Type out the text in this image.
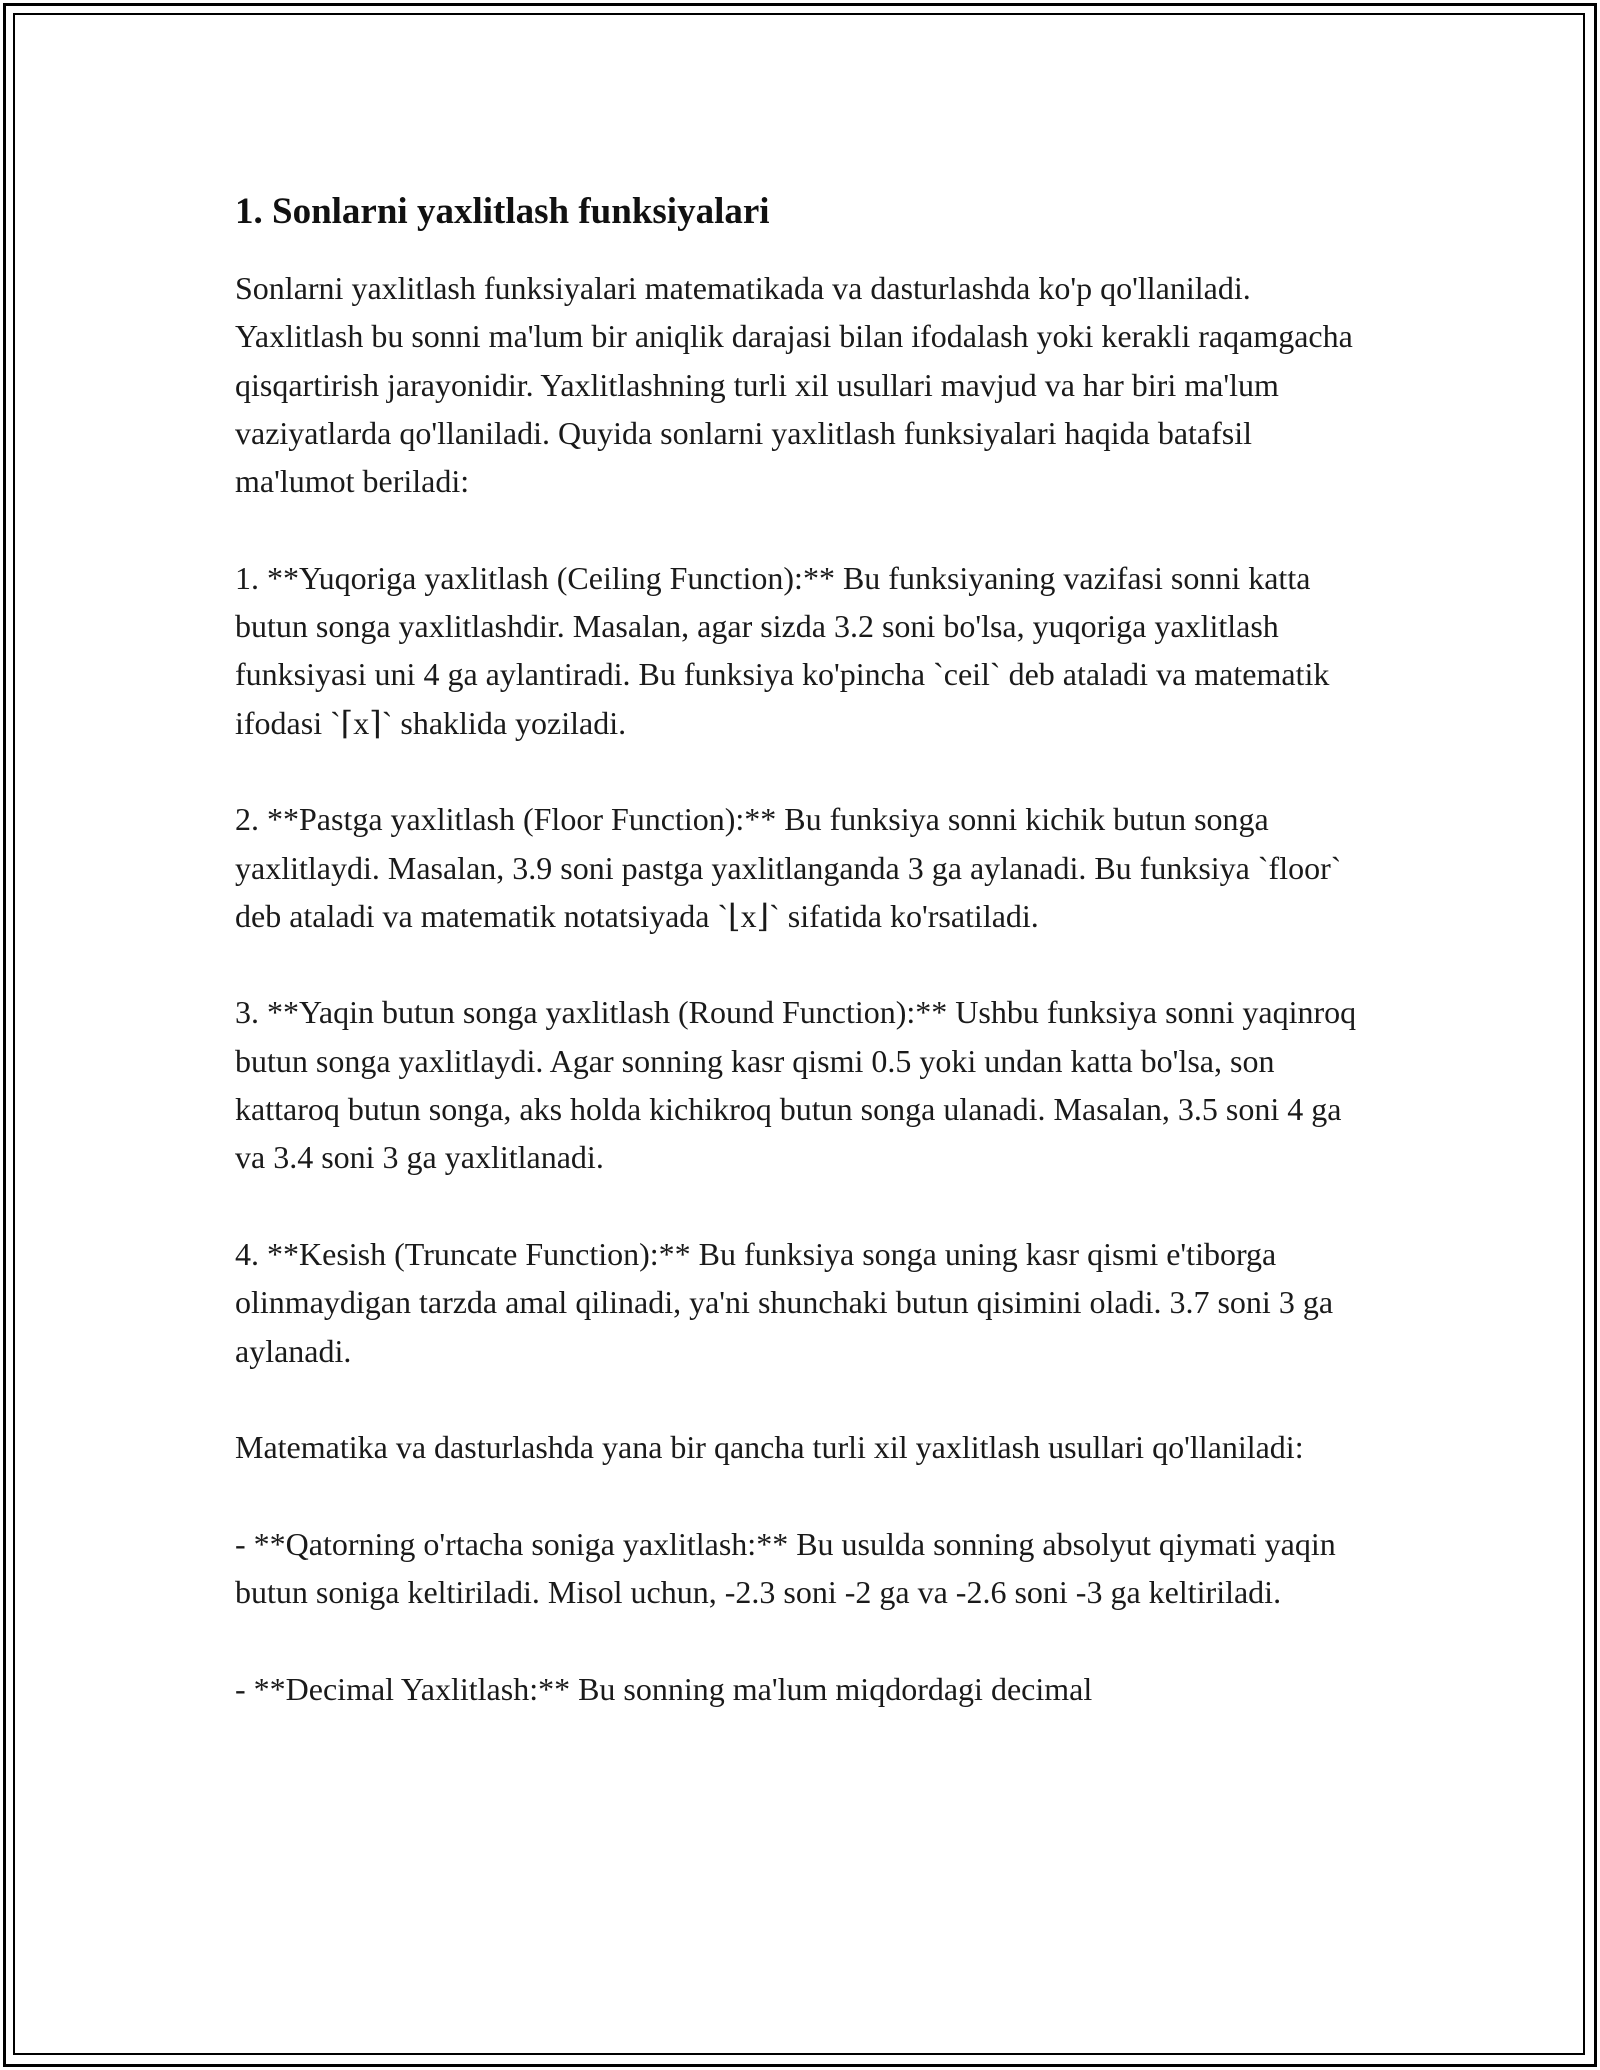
1. Sonlarni yaxlitlash funksiyalari

Sonlarni yaxlitlash funksiyalari matematikada va dasturlashda ko'p qo'llaniladi. Yaxlitlash bu sonni ma'lum bir aniqlik darajasi bilan ifodalash yoki kerakli raqamgacha qisqartirish jarayonidir. Yaxlitlashning turli xil usullari mavjud va har biri ma'lum vaziyatlarda qo'llaniladi. Quyida sonlarni yaxlitlash funksiyalari haqida batafsil ma'lumot beriladi:

1. **Yuqoriga yaxlitlash (Ceiling Function):** Bu funksiyaning vazifasi sonni katta butun songa yaxlitlashdir. Masalan, agar sizda 3.2 soni bo'lsa, yuqoriga yaxlitlash funksiyasi uni 4 ga aylantiradi. Bu funksiya ko'pincha `ceil` deb ataladi va matematik ifodasi `⌈x⌉` shaklida yoziladi.

2. **Pastga yaxlitlash (Floor Function):** Bu funksiya sonni kichik butun songa yaxlitlaydi. Masalan, 3.9 soni pastga yaxlitlanganda 3 ga aylanadi. Bu funksiya `floor` deb ataladi va matematik notatsiyada `⌊x⌋` sifatida ko'rsatiladi.

3. **Yaqin butun songa yaxlitlash (Round Function):** Ushbu funksiya sonni yaqinroq butun songa yaxlitlaydi. Agar sonning kasr qismi 0.5 yoki undan katta bo'lsa, son kattaroq butun songa, aks holda kichikroq butun songa ulanadi. Masalan, 3.5 soni 4 ga va 3.4 soni 3 ga yaxlitlanadi.

4. **Kesish (Truncate Function):** Bu funksiya songa uning kasr qismi e'tiborga olinmaydigan tarzda amal qilinadi, ya'ni shunchaki butun qisimini oladi. 3.7 soni 3 ga aylanadi.

Matematika va dasturlashda yana bir qancha turli xil yaxlitlash usullari qo'llaniladi:

- **Qatorning o'rtacha soniga yaxlitlash:** Bu usulda sonning absolyut qiymati yaqin butun soniga keltiriladi. Misol uchun, -2.3 soni -2 ga va -2.6 soni -3 ga keltiriladi.

- **Decimal Yaxlitlash:** Bu sonning ma'lum miqdordagi decimal
